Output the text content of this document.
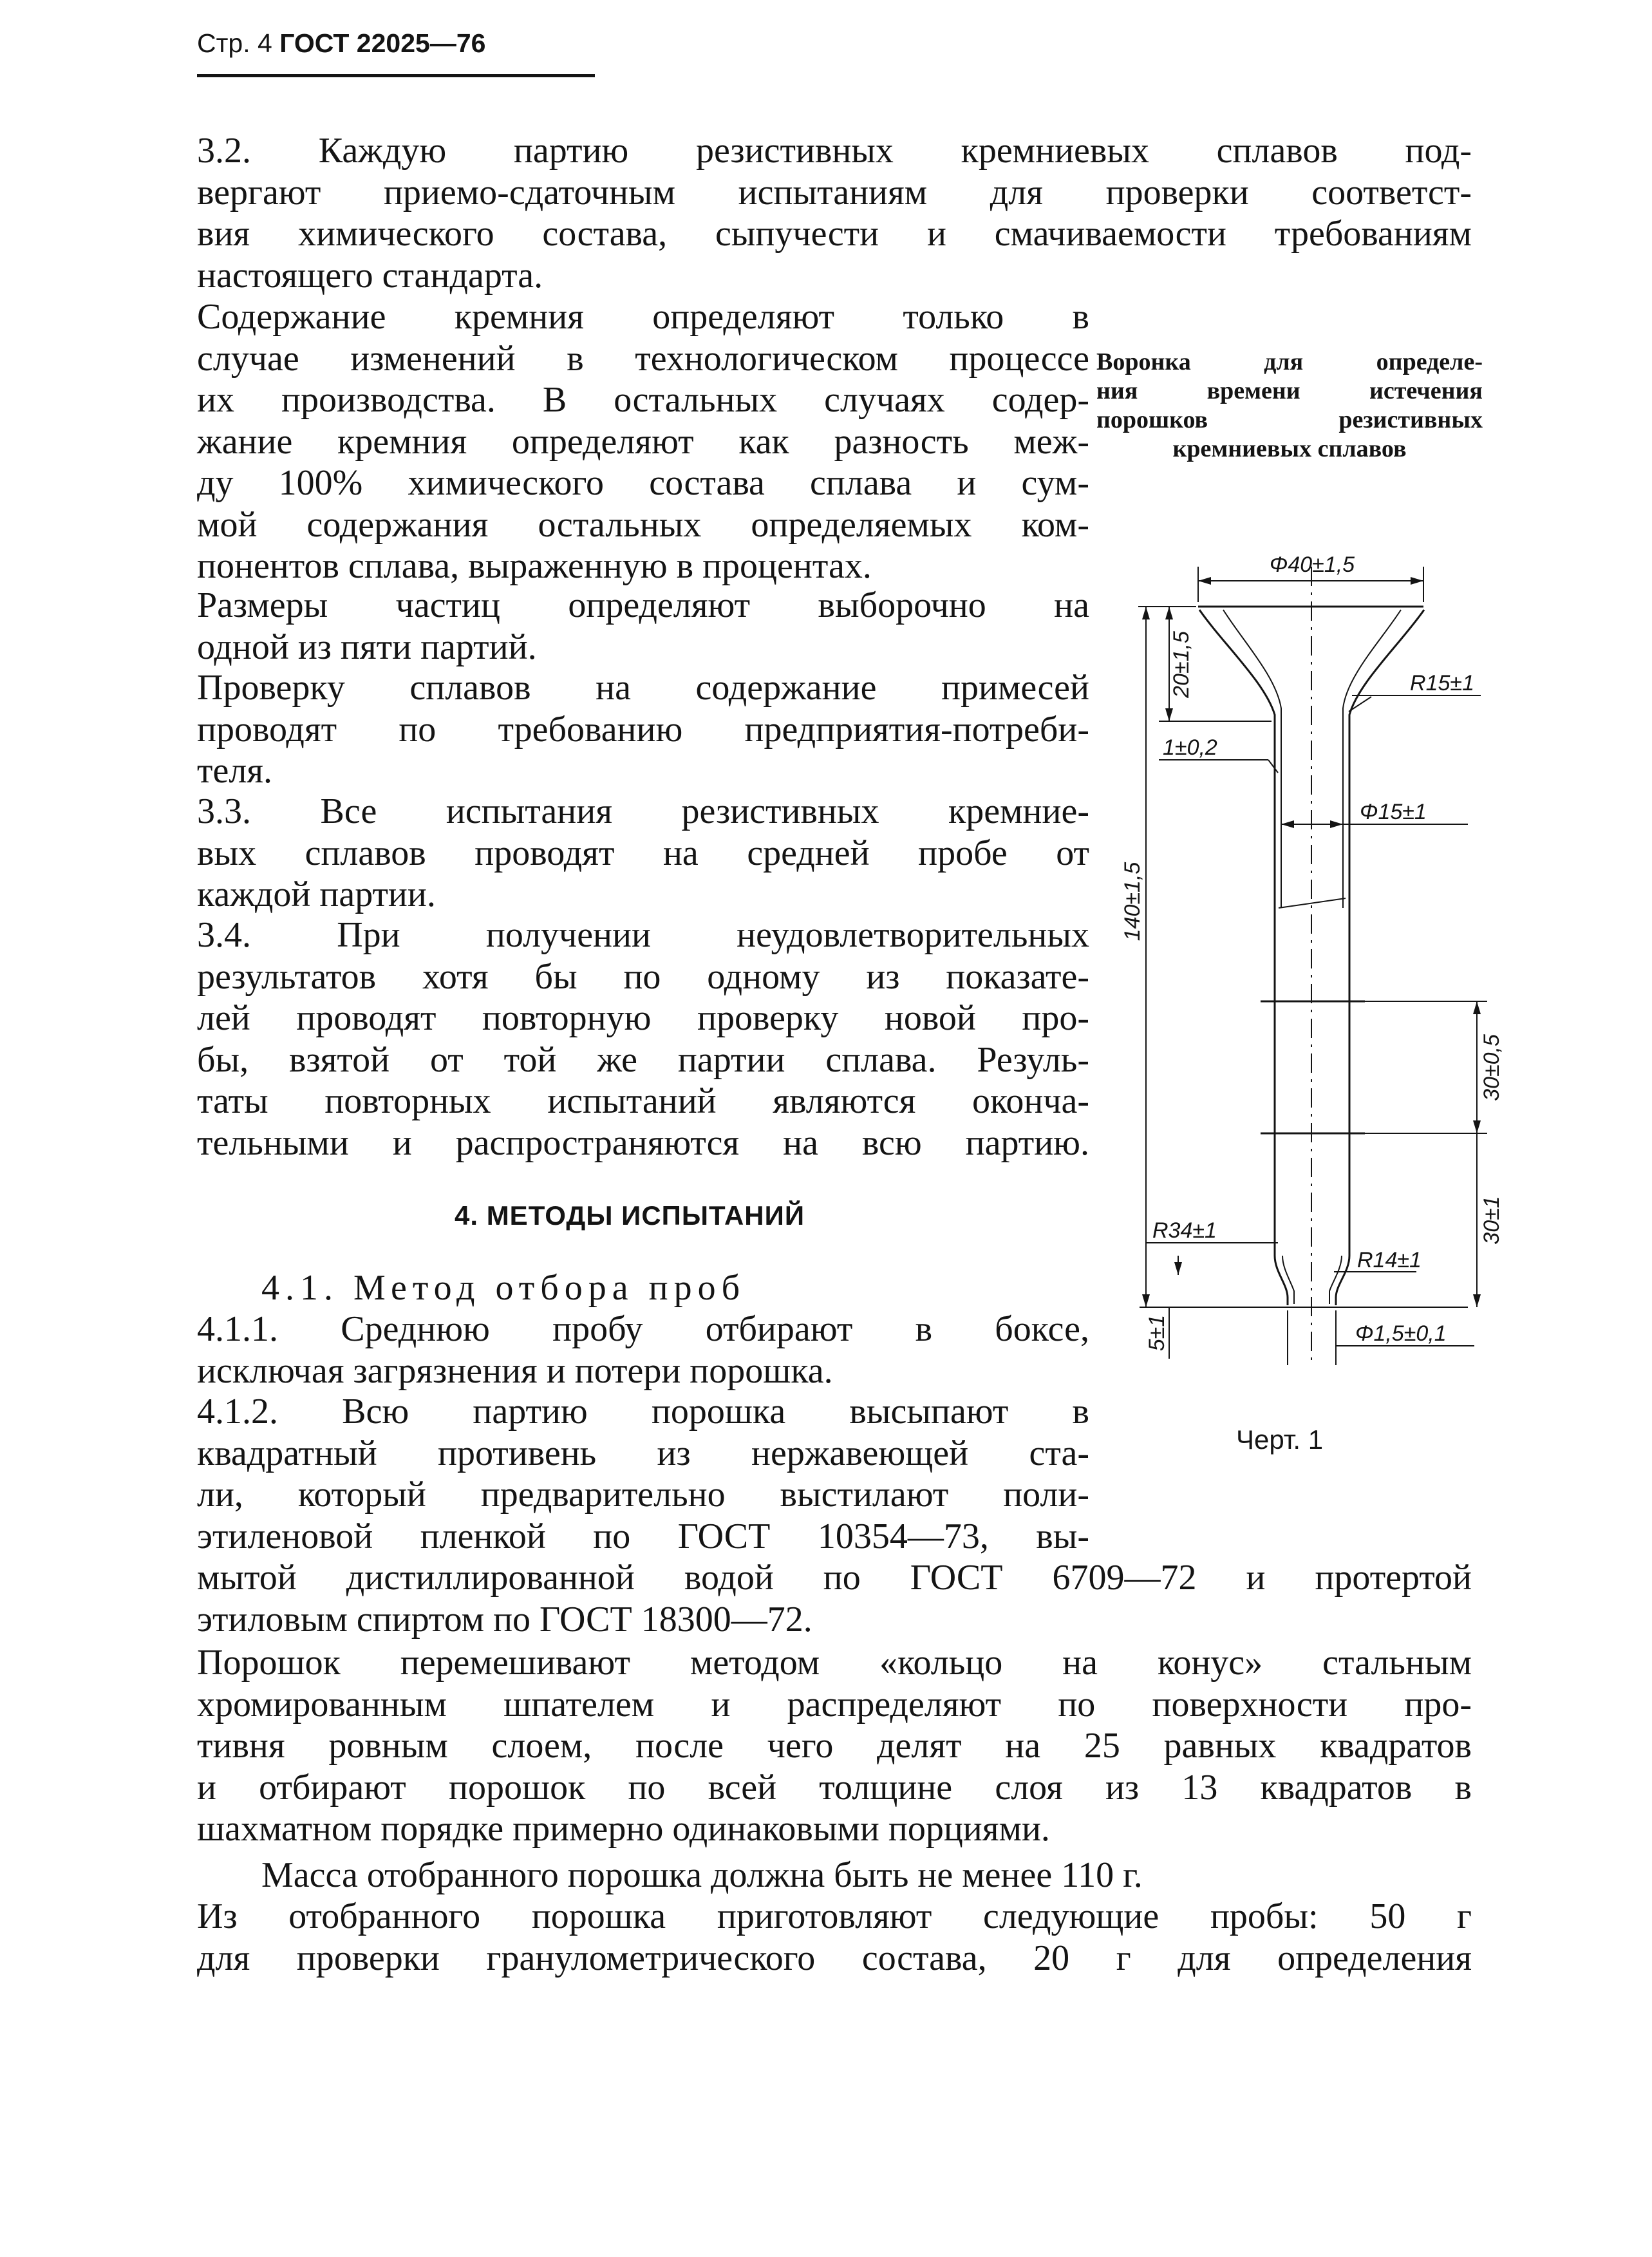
Стр. 4 ГОСТ 22025—76
3.2. Каждую партию резистивных кремниевых сплавов под-
вергают приемо-сдаточным испытаниям для проверки соответст-
вия химического состава, сыпучести и смачиваемости требованиям
настоящего стандарта.
Содержание кремния определяют только в
случае изменений в технологическом процессе
их производства. В остальных случаях содер-
жание кремния определяют как разность меж-
ду 100% химического состава сплава и сум-
мой содержания остальных определяемых ком-
понентов сплава, выраженную в процентах.
Размеры частиц определяют выборочно на
одной из пяти партий.
Проверку сплавов на содержание примесей
проводят по требованию предприятия-потреби-
теля.
3.3. Все испытания резистивных кремние-
вых сплавов проводят на средней пробе от
каждой партии.
3.4. При получении неудовлетворительных
результатов хотя бы по одному из показате-
лей проводят повторную проверку новой про-
бы, взятой от той же партии сплава. Резуль-
таты повторных испытаний являются оконча-
тельными и распространяются на всю партию.
4. МЕТОДЫ ИСПЫТАНИЙ
4.1. Метод отбора проб
4.1.1. Среднюю пробу отбирают в боксе,
исключая загрязнения и потери порошка.
4.1.2. Всю партию порошка высыпают в
квадратный противень из нержавеющей ста-
ли, который предварительно выстилают поли-
этиленовой пленкой по ГОСТ 10354—73, вы-
мытой дистиллированной водой по ГОСТ 6709—72 и протертой
этиловым спиртом по ГОСТ 18300—72.
Порошок перемешивают методом «кольцо на конус» стальным
хромированным шпателем и распределяют по поверхности про-
тивня ровным слоем, после чего делят на 25 равных квадратов
и отбирают порошок по всей толщине слоя из 13 квадратов в
шахматном порядке примерно одинаковыми порциями.
Масса отобранного порошка должна быть не менее 110 г.
Из отобранного порошка приготовляют следующие пробы: 50 г
для проверки гранулометрического состава, 20 г для определения
Воронка для определе-
ния времени истечения
порошков резистивных
кремниевых сплавов
Φ40±1,5
20±1,5	R15±1
1±0,2
Φ15±1
140±1,5
30±0,5
30±1
R34±1
R14±1
5±1	Φ1,5±0,1
Черт. 1
